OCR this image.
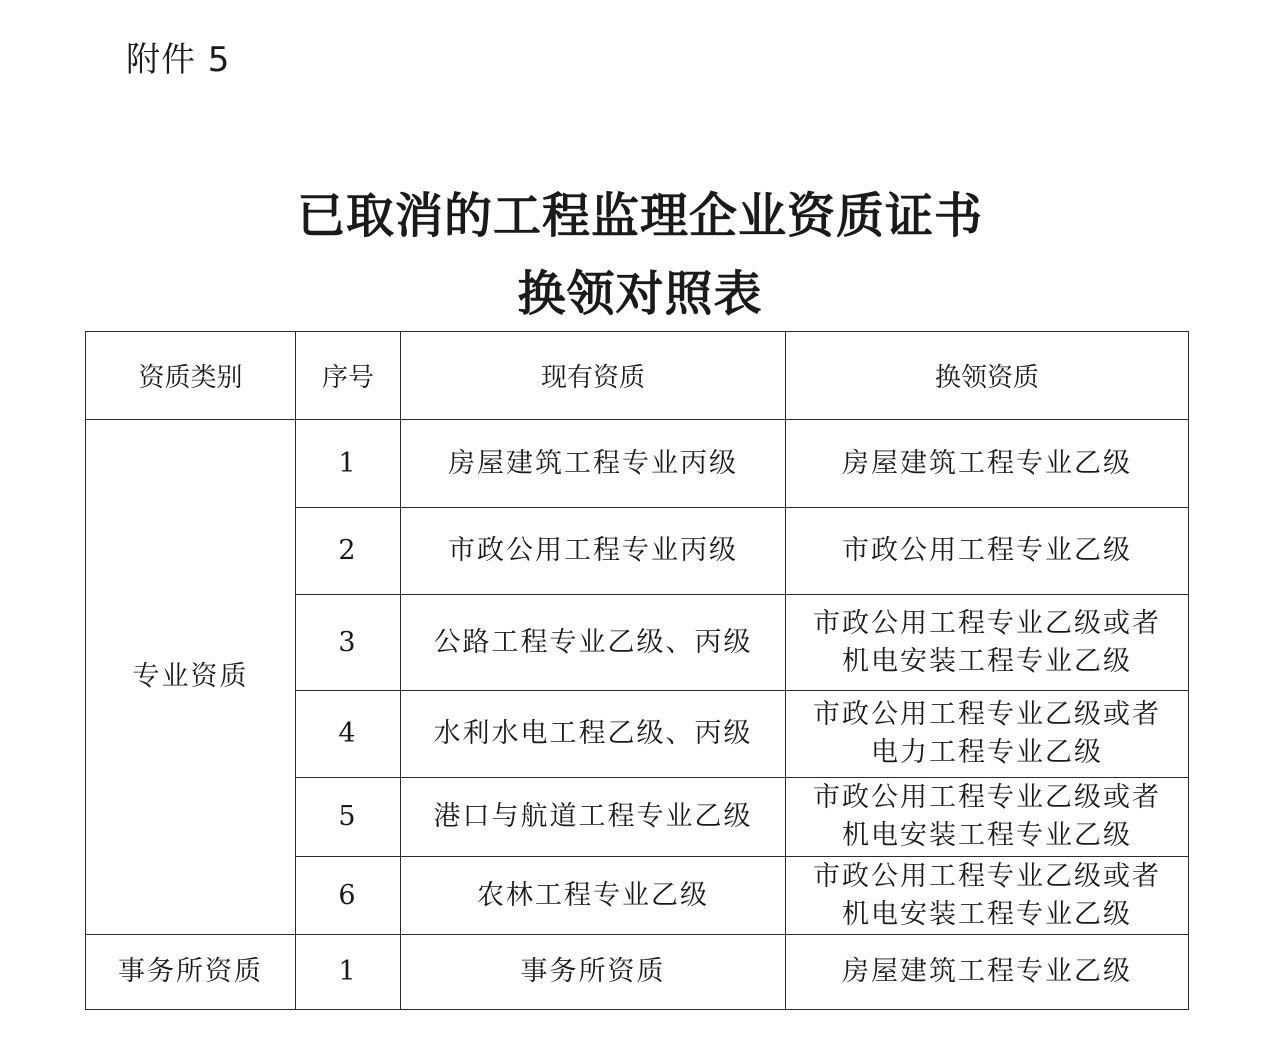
附件 5
已取消的工程监理企业资质证书
换领对照表
资质类别	序号	现有资质	换领资质
专业资质	1	房屋建筑工程专业丙级	房屋建筑工程专业乙级

	2	市政公用工程专业丙级	市政公用工程专业乙级

	3	公路工程专业乙级、丙级	市政公用工程专业乙级或者
机电安装工程专业乙级

	4	水利水电工程乙级、丙级	市政公用工程专业乙级或者
电力工程专业乙级

	5	港口与航道工程专业乙级	市政公用工程专业乙级或者
机电安装工程专业乙级

	6	农林工程专业乙级	市政公用工程专业乙级或者
机电安装工程专业乙级

事务所资质	1	事务所资质	房屋建筑工程专业乙级
